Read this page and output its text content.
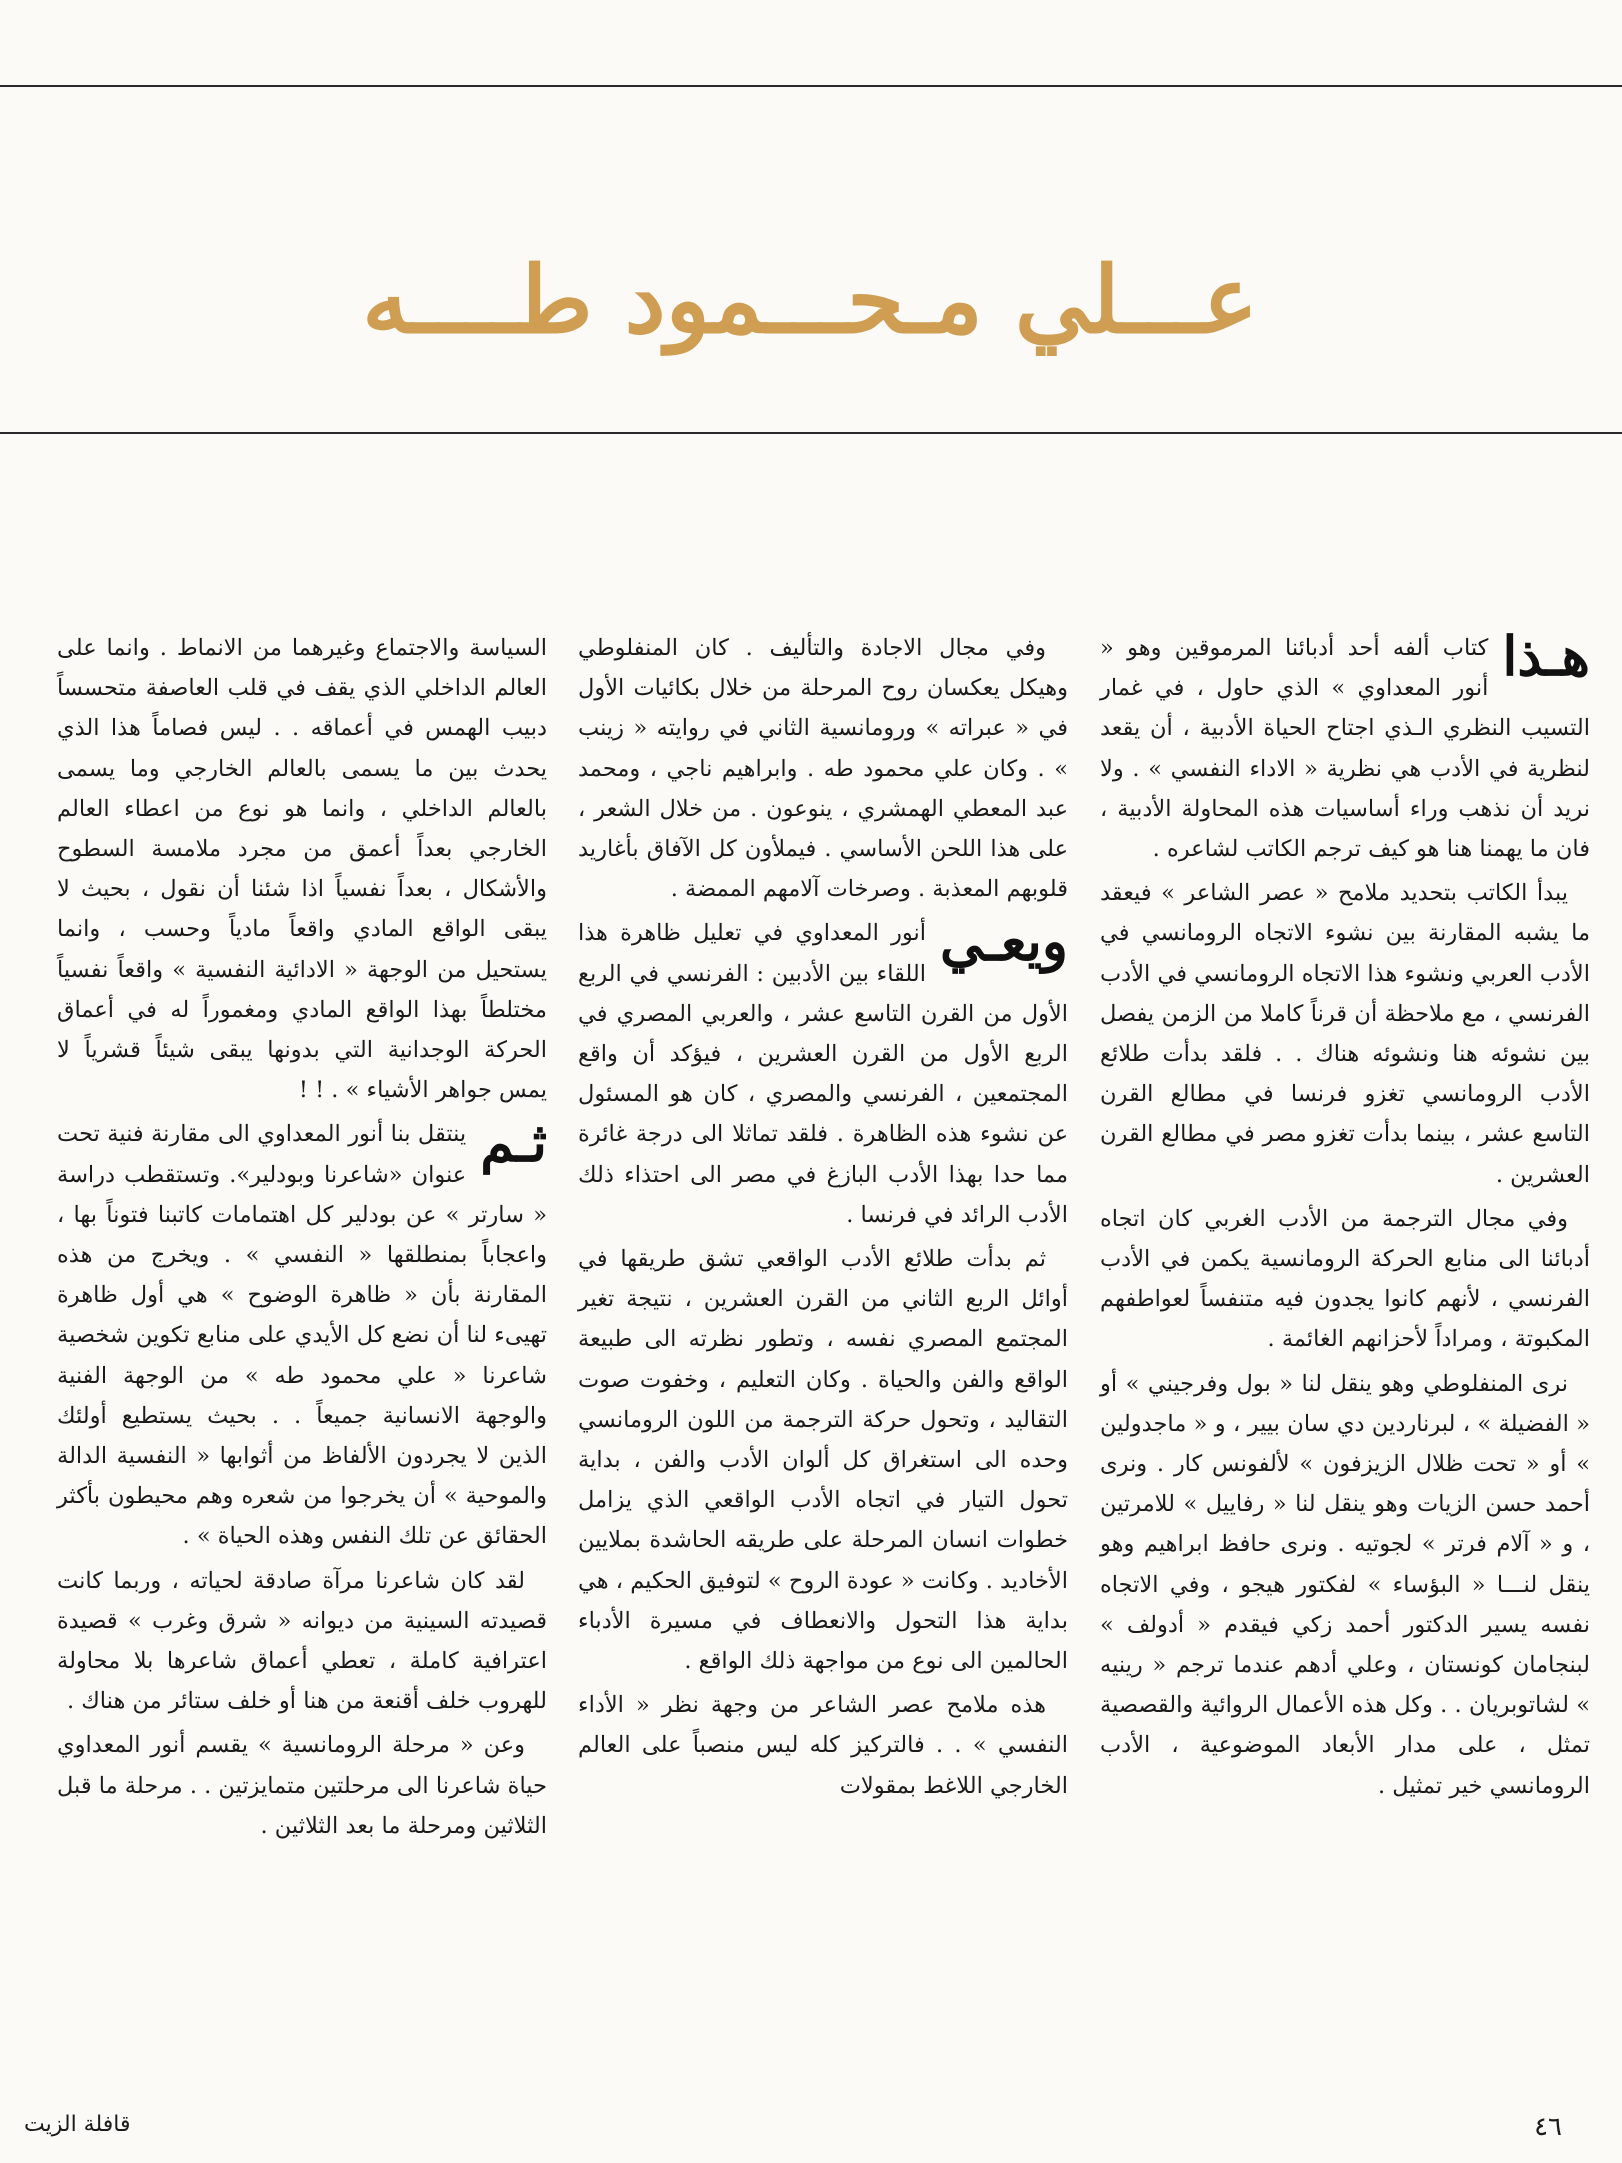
عـــلي مـحـــمود طــــه

هـذا
كتاب ألفه أحد أدبائنا المرموقين وهو « أنور المعداوي » الذي حاول ، في غمار التسيب النظري الـذي اجتاح الحياة الأدبية ، أن يقعد لنظرية في الأدب هي نظرية « الاداء النفسي » . ولا نريد أن نذهب وراء أساسيات هذه المحاولة الأدبية ، فان ما يهمنا هنا هو كيف ترجم الكاتب لشاعره .

يبدأ الكاتب بتحديد ملامح « عصر الشاعر » فيعقد ما يشبه المقارنة بين نشوء الاتجاه الرومانسي في الأدب العربي ونشوء هذا الاتجاه الرومانسي في الأدب الفرنسي ، مع ملاحظة أن قرناً كاملا من الزمن يفصل بين نشوئه هنا ونشوئه هناك . . فلقد بدأت طلائع الأدب الرومانسي تغزو فرنسا في مطالع القرن التاسع عشر ، بينما بدأت تغزو مصر في مطالع القرن العشرين .

وفي مجال الترجمة من الأدب الغربي كان اتجاه أدبائنا الى منابع الحركة الرومانسية يكمن في الأدب الفرنسي ، لأنهم كانوا يجدون فيه متنفساً لعواطفهم المكبوتة ، ومراداً لأحزانهم الغائمة .

نرى المنفلوطي وهو ينقل لنا « بول وفرجيني » أو « الفضيلة » ، لبرناردين دي سان بيير ، و « ماجدولين » أو « تحت ظلال الزيزفون » لألفونس كار . ونرى أحمد حسن الزيات وهو ينقل لنا « رفاييل » للامرتين ، و « آلام فرتر » لجوتيه . ونرى حافظ ابراهيم وهو ينقل لنـــا « البؤساء » لفكتور هيجو ، وفي الاتجاه نفسه يسير الدكتور أحمد زكي فيقدم « أدولف » لبنجامان كونستان ، وعلي أدهم عندما ترجم « رينيه » لشاتوبريان . . وكل هذه الأعمال الروائية والقصصية تمثل ، على مدار الأبعاد الموضوعية ، الأدب الرومانسي خير تمثيل .

وفي مجال الاجادة والتأليف . كان المنفلوطي وهيكل يعكسان روح المرحلة من خلال بكائيات الأول في « عبراته » ورومانسية الثاني في روايته « زينب » . وكان علي محمود طه . وابراهيم ناجي ، ومحمد عبد المعطي الهمشري ، ينوعون . من خلال الشعر ، على هذا اللحن الأساسي . فيملأون كل الآفاق بأغاريد قلوبهم المعذبة . وصرخات آلامهم الممضة .

ويعـي
أنور المعداوي في تعليل ظاهرة هذا اللقاء بين الأدبين : الفرنسي في الربع الأول من القرن التاسع عشر ، والعربي المصري في الربع الأول من القرن العشرين ، فيؤكد أن واقع المجتمعين ، الفرنسي والمصري ، كان هو المسئول عن نشوء هذه الظاهرة . فلقد تماثلا الى درجة غائرة مما حدا بهذا الأدب البازغ في مصر الى احتذاء ذلك الأدب الرائد في فرنسا .

ثم بدأت طلائع الأدب الواقعي تشق طريقها في أوائل الربع الثاني من القرن العشرين ، نتيجة تغير المجتمع المصري نفسه ، وتطور نظرته الى طبيعة الواقع والفن والحياة . وكان التعليم ، وخفوت صوت التقاليد ، وتحول حركة الترجمة من اللون الرومانسي وحده الى استغراق كل ألوان الأدب والفن ، بداية تحول التيار في اتجاه الأدب الواقعي الذي يزامل خطوات انسان المرحلة على طريقه الحاشدة بملايين الأخاديد . وكانت « عودة الروح » لتوفيق الحكيم ، هي بداية هذا التحول والانعطاف في مسيرة الأدباء الحالمين الى نوع من مواجهة ذلك الواقع .

هذه ملامح عصر الشاعر من وجهة نظر « الأداء النفسي » . . فالتركيز كله ليس منصباً على العالم الخارجي اللاغط بمقولات

السياسة والاجتماع وغيرهما من الانماط . وانما على العالم الداخلي الذي يقف في قلب العاصفة متحسساً دبيب الهمس في أعماقه . . ليس فصاماً هذا الذي يحدث بين ما يسمى بالعالم الخارجي وما يسمى بالعالم الداخلي ، وانما هو نوع من اعطاء العالم الخارجي بعداً أعمق من مجرد ملامسة السطوح والأشكال ، بعداً نفسياً اذا شئنا أن نقول ، بحيث لا يبقى الواقع المادي واقعاً مادياً وحسب ، وانما يستحيل من الوجهة « الادائية النفسية » واقعاً نفسياً مختلطاً بهذا الواقع المادي ومغموراً له في أعماق الحركة الوجدانية التي بدونها يبقى شيئاً قشرياً لا يمس جواهر الأشياء » . ! !

ثـم
ينتقل بنا أنور المعداوي الى مقارنة فنية تحت عنوان «شاعرنا وبودلير». وتستقطب دراسة « سارتر » عن بودلير كل اهتمامات كاتبنا فتوناً بها ، واعجاباً بمنطلقها « النفسي » . ويخرج من هذه المقارنة بأن « ظاهرة الوضوح » هي أول ظاهرة تهيىء لنا أن نضع كل الأيدي على منابع تكوين شخصية شاعرنا « علي محمود طه » من الوجهة الفنية والوجهة الانسانية جميعاً . . بحيث يستطيع أولئك الذين لا يجردون الألفاظ من أثوابها « النفسية الدالة والموحية » أن يخرجوا من شعره وهم محيطون بأكثر الحقائق عن تلك النفس وهذه الحياة » .

لقد كان شاعرنا مرآة صادقة لحياته ، وربما كانت قصيدته السينية من ديوانه « شرق وغرب » قصيدة اعترافية كاملة ، تعطي أعماق شاعرها بلا محاولة للهروب خلف أقنعة من هنا أو خلف ستائر من هناك .

وعن « مرحلة الرومانسية » يقسم أنور المعداوي حياة شاعرنا الى مرحلتين متمايزتين . . مرحلة ما قبل الثلاثين ومرحلة ما بعد الثلاثين .

٤٦
قافلة الزيت
